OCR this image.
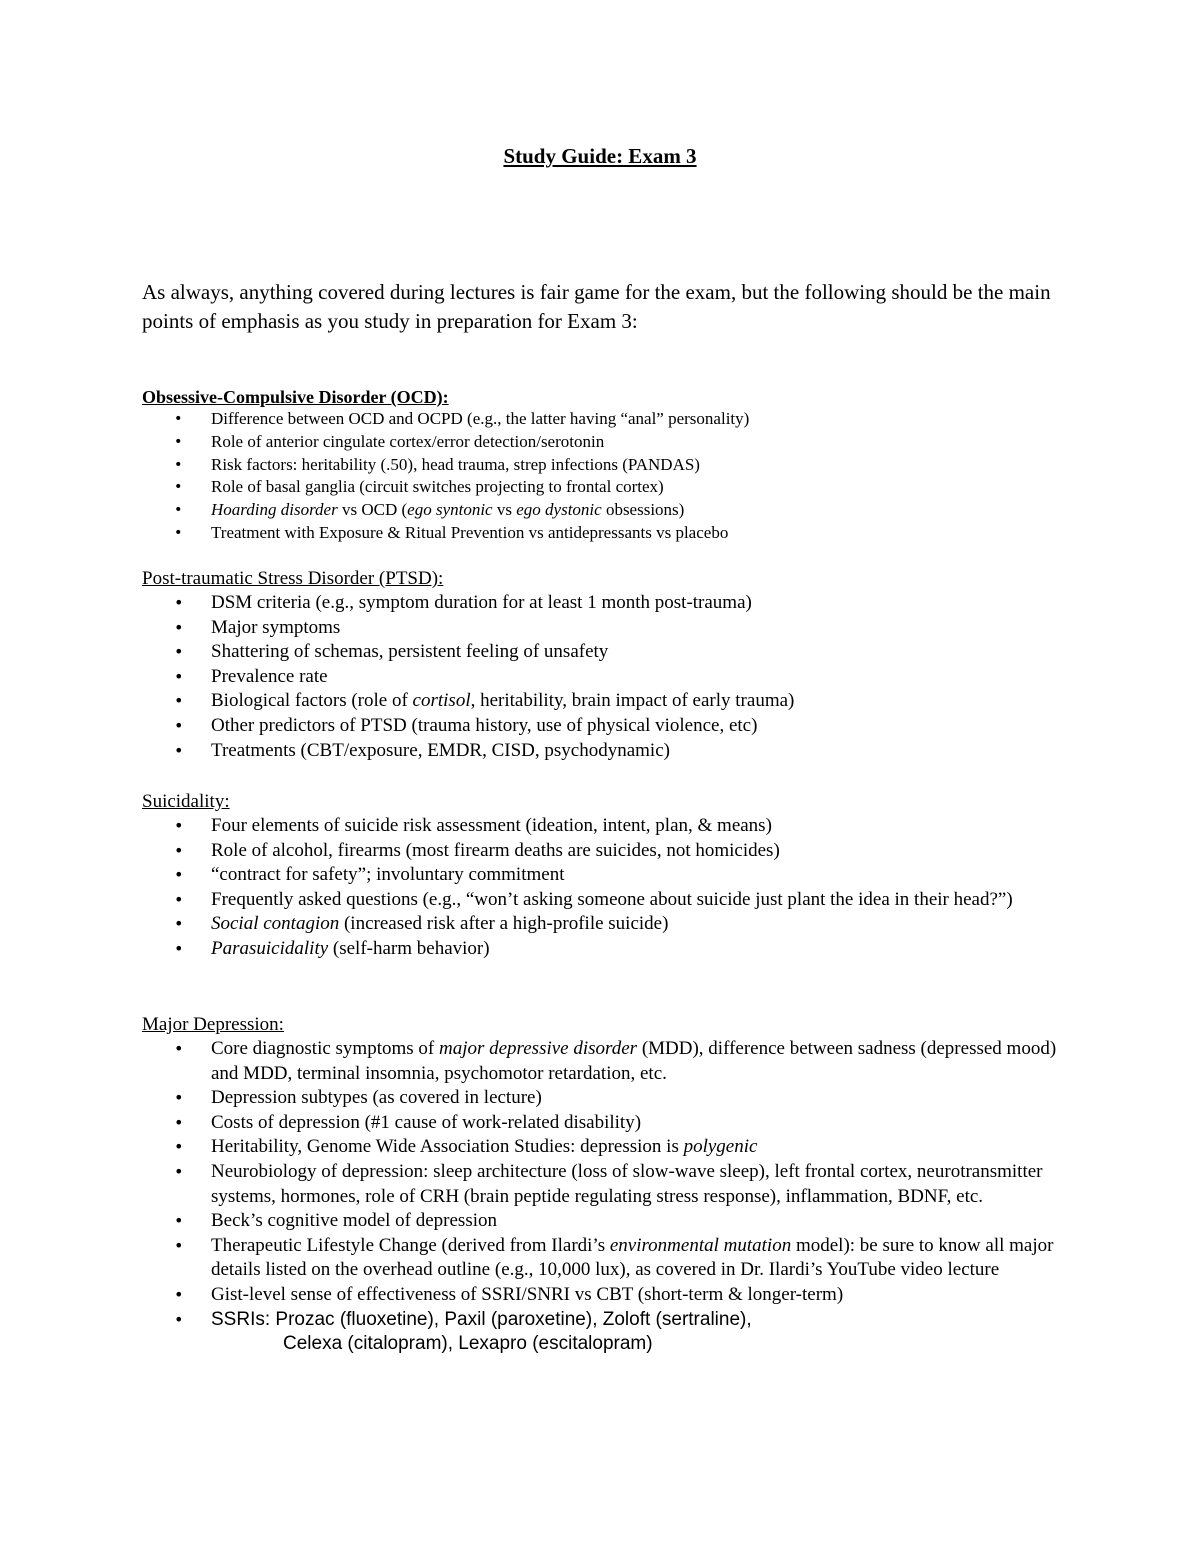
Study Guide: Exam 3
As always, anything covered during lectures is fair game for the exam, but the following should be the main points of emphasis as you study in preparation for Exam 3:
Obsessive-Compulsive Disorder (OCD):
• Difference between OCD and OCPD (e.g., the latter having “anal” personality)
• Role of anterior cingulate cortex/error detection/serotonin
• Risk factors: heritability (.50), head trauma, strep infections (PANDAS)
• Role of basal ganglia (circuit switches projecting to frontal cortex)
• Hoarding disorder vs OCD (ego syntonic vs ego dystonic obsessions)
• Treatment with Exposure & Ritual Prevention vs antidepressants vs placebo
Post-traumatic Stress Disorder (PTSD):
• DSM criteria (e.g., symptom duration for at least 1 month post-trauma)
• Major symptoms
• Shattering of schemas, persistent feeling of unsafety
• Prevalence rate
• Biological factors (role of cortisol, heritability, brain impact of early trauma)
• Other predictors of PTSD (trauma history, use of physical violence, etc)
• Treatments (CBT/exposure, EMDR, CISD, psychodynamic)
Suicidality:
• Four elements of suicide risk assessment (ideation, intent, plan, & means)
• Role of alcohol, firearms (most firearm deaths are suicides, not homicides)
• “contract for safety”; involuntary commitment
• Frequently asked questions (e.g., “won’t asking someone about suicide just plant the idea in their head?”)
• Social contagion (increased risk after a high-profile suicide)
• Parasuicidality (self-harm behavior)
Major Depression:
• Core diagnostic symptoms of major depressive disorder (MDD), difference between sadness (depressed mood) and MDD, terminal insomnia, psychomotor retardation, etc.
• Depression subtypes (as covered in lecture)
• Costs of depression (#1 cause of work-related disability)
• Heritability, Genome Wide Association Studies: depression is polygenic
• Neurobiology of depression: sleep architecture (loss of slow-wave sleep), left frontal cortex, neurotransmitter systems, hormones, role of CRH (brain peptide regulating stress response), inflammation, BDNF, etc.
• Beck’s cognitive model of depression
• Therapeutic Lifestyle Change (derived from Ilardi’s environmental mutation model): be sure to know all major details listed on the overhead outline (e.g., 10,000 lux), as covered in Dr. Ilardi’s YouTube video lecture
• Gist-level sense of effectiveness of SSRI/SNRI vs CBT (short-term & longer-term)
• SSRIs: Prozac (fluoxetine), Paxil (paroxetine), Zoloft (sertraline),
Celexa (citalopram), Lexapro (escitalopram)
